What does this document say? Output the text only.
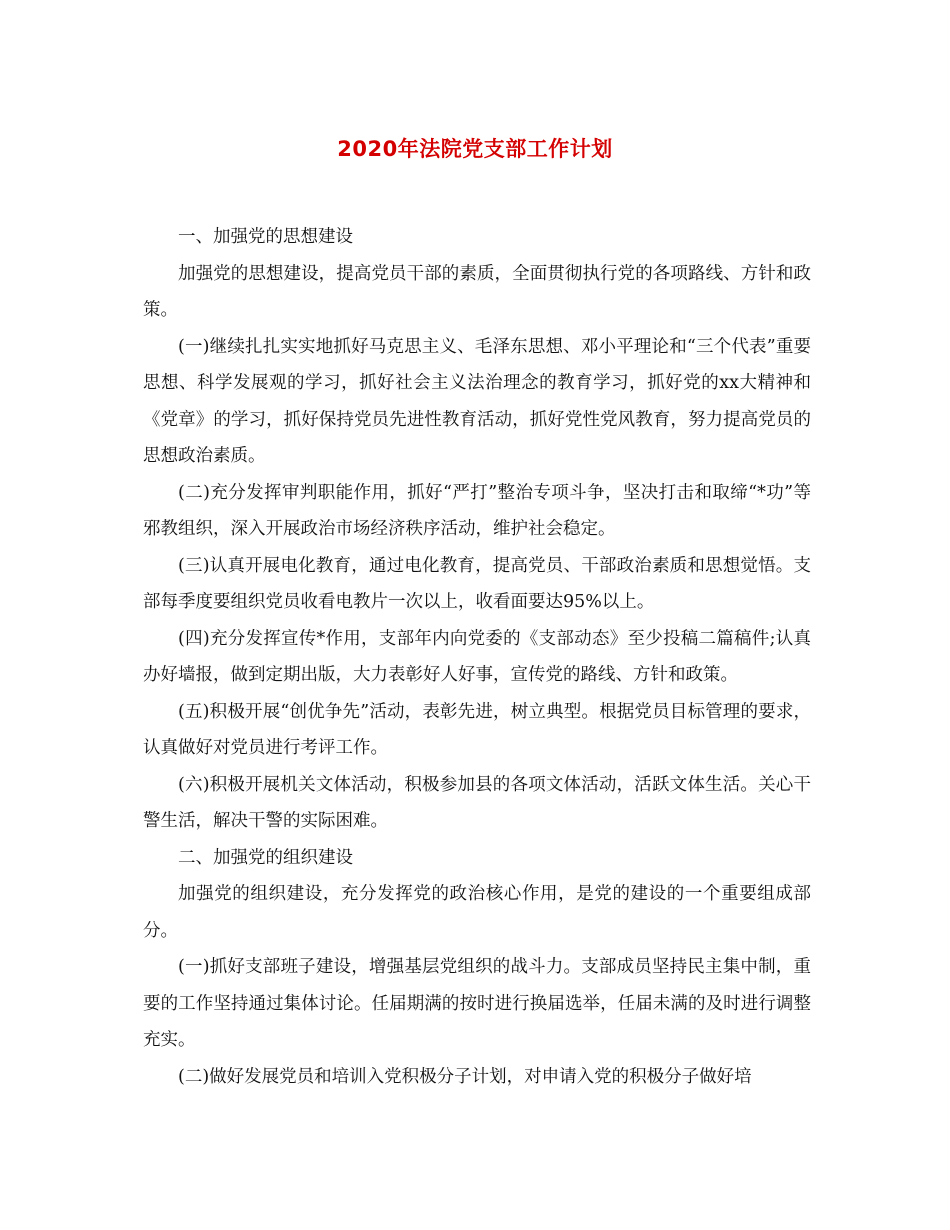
2020年法院党支部工作计划

一、加强党的思想建设

加强党的思想建设，提高党员干部的素质，全面贯彻执行党的各项路线、方针和政策。

(一)继续扎扎实实地抓好马克思主义、毛泽东思想、邓小平理论和“三个代表”重要思想、科学发展观的学习，抓好社会主义法治理念的教育学习，抓好党的xx大精神和《党章》的学习，抓好保持党员先进性教育活动，抓好党性党风教育，努力提高党员的思想政治素质。

(二)充分发挥审判职能作用，抓好“严打”整治专项斗争，坚决打击和取缔“*功”等邪教组织，深入开展政治市场经济秩序活动，维护社会稳定。

(三)认真开展电化教育，通过电化教育，提高党员、干部政治素质和思想觉悟。支部每季度要组织党员收看电教片一次以上，收看面要达95%以上。

(四)充分发挥宣传*作用，支部年内向党委的《支部动态》至少投稿二篇稿件;认真办好墙报，做到定期出版，大力表彰好人好事，宣传党的路线、方针和政策。

(五)积极开展“创优争先”活动，表彰先进，树立典型。根据党员目标管理的要求，认真做好对党员进行考评工作。

(六)积极开展机关文体活动，积极参加县的各项文体活动，活跃文体生活。关心干警生活，解决干警的实际困难。

二、加强党的组织建设

加强党的组织建设，充分发挥党的政治核心作用，是党的建设的一个重要组成部分。

(一)抓好支部班子建设，增强基层党组织的战斗力。支部成员坚持民主集中制，重要的工作坚持通过集体讨论。任届期满的按时进行换届选举，任届未满的及时进行调整充实。

(二)做好发展党员和培训入党积极分子计划，对申请入党的积极分子做好培
